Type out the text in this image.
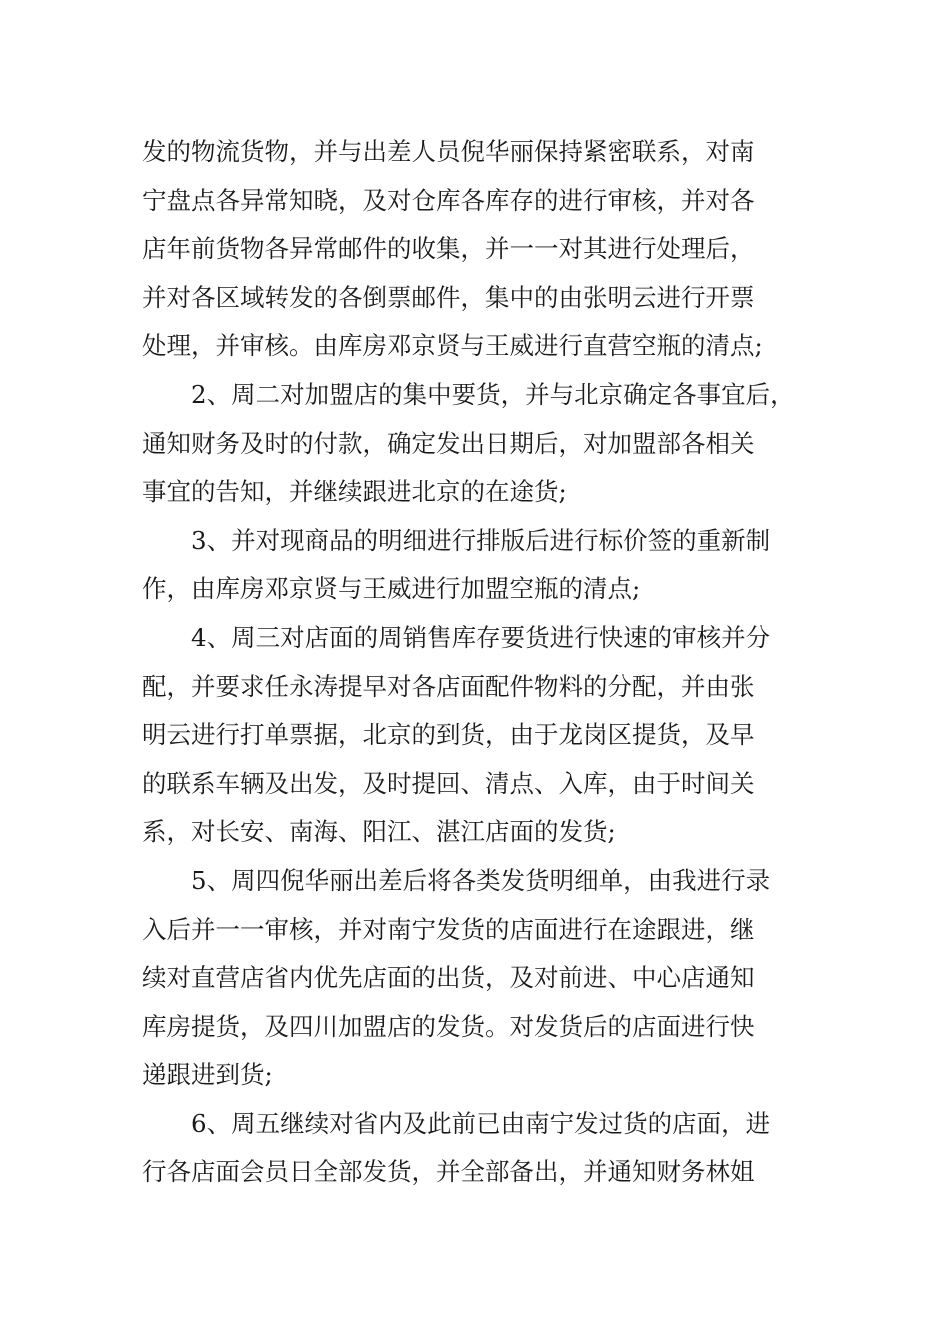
发的物流货物，并与出差人员倪华丽保持紧密联系，对南
宁盘点各异常知晓，及对仓库各库存的进行审核，并对各
店年前货物各异常邮件的收集，并一一对其进行处理后，
并对各区域转发的各倒票邮件，集中的由张明云进行开票
处理，并审核。由库房邓京贤与王威进行直营空瓶的清点;
2、周二对加盟店的集中要货，并与北京确定各事宜后，
通知财务及时的付款，确定发出日期后，对加盟部各相关
事宜的告知，并继续跟进北京的在途货;
3、并对现商品的明细进行排版后进行标价签的重新制
作，由库房邓京贤与王威进行加盟空瓶的清点;
4、周三对店面的周销售库存要货进行快速的审核并分
配，并要求任永涛提早对各店面配件物料的分配，并由张
明云进行打单票据，北京的到货，由于龙岗区提货，及早
的联系车辆及出发，及时提回、清点、入库，由于时间关
系，对长安、南海、阳江、湛江店面的发货;
5、周四倪华丽出差后将各类发货明细单，由我进行录
入后并一一审核，并对南宁发货的店面进行在途跟进，继
续对直营店省内优先店面的出货，及对前进、中心店通知
库房提货，及四川加盟店的发货。对发货后的店面进行快
递跟进到货;
6、周五继续对省内及此前已由南宁发过货的店面，进
行各店面会员日全部发货，并全部备出，并通知财务林姐
